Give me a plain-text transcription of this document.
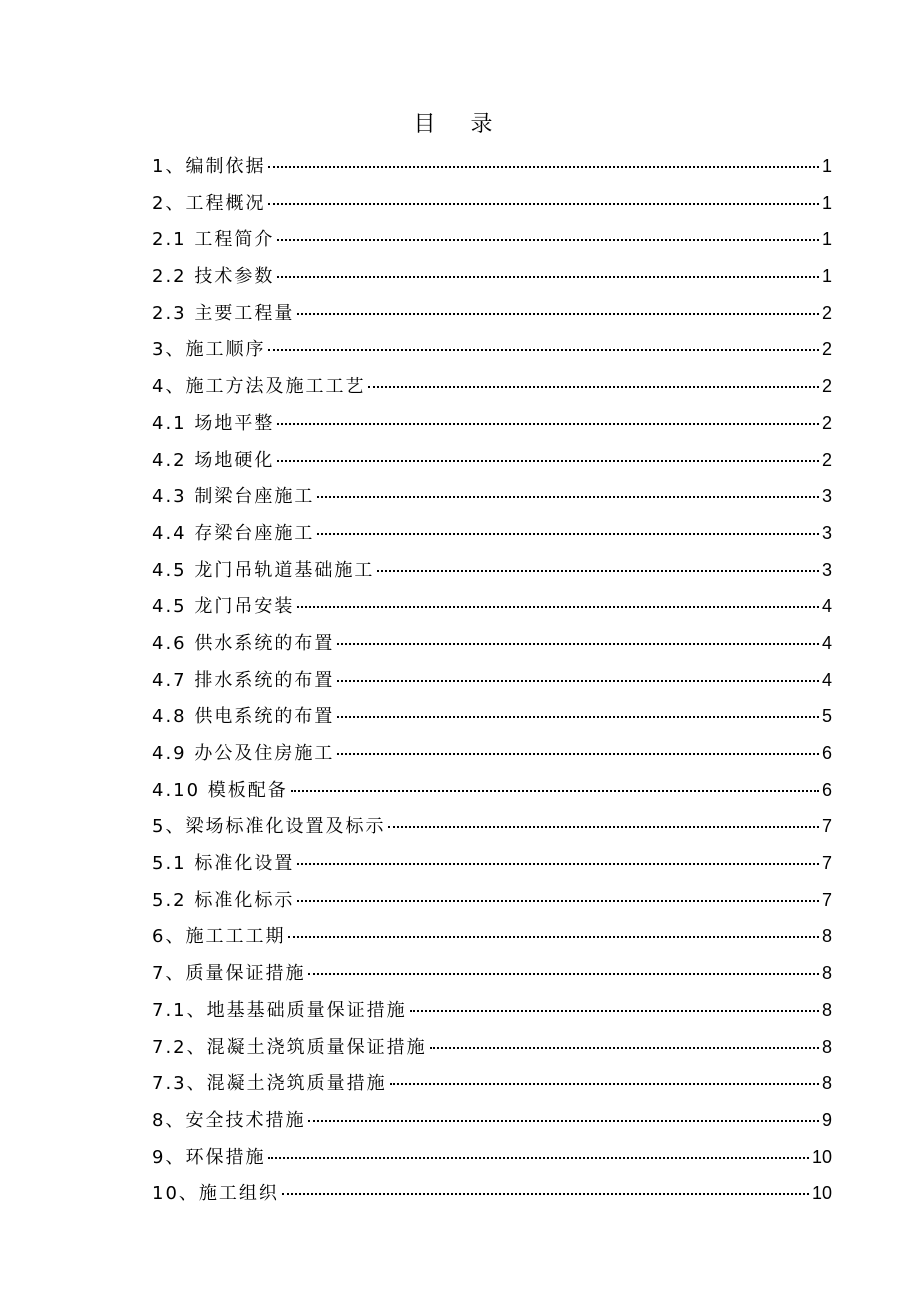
目 录
1、编制依据	1
2、工程概况	1
2.1 工程简介	1
2.2 技术参数	1
2.3 主要工程量	2
3、施工顺序	2
4、施工方法及施工工艺	2
4.1 场地平整	2
4.2 场地硬化	2
4.3 制梁台座施工	3
4.4 存梁台座施工	3
4.5 龙门吊轨道基础施工	3
4.5 龙门吊安装	4
4.6 供水系统的布置	4
4.7 排水系统的布置	4
4.8 供电系统的布置	5
4.9 办公及住房施工	6
4.10 模板配备	6
5、梁场标准化设置及标示	7
5.1 标准化设置	7
5.2 标准化标示	7
6、施工工工期	8
7、质量保证措施	8
7.1、地基基础质量保证措施	8
7.2、混凝土浇筑质量保证措施	8
7.3、混凝土浇筑质量措施	8
8、安全技术措施	9
9、环保措施	10
10、施工组织	10
